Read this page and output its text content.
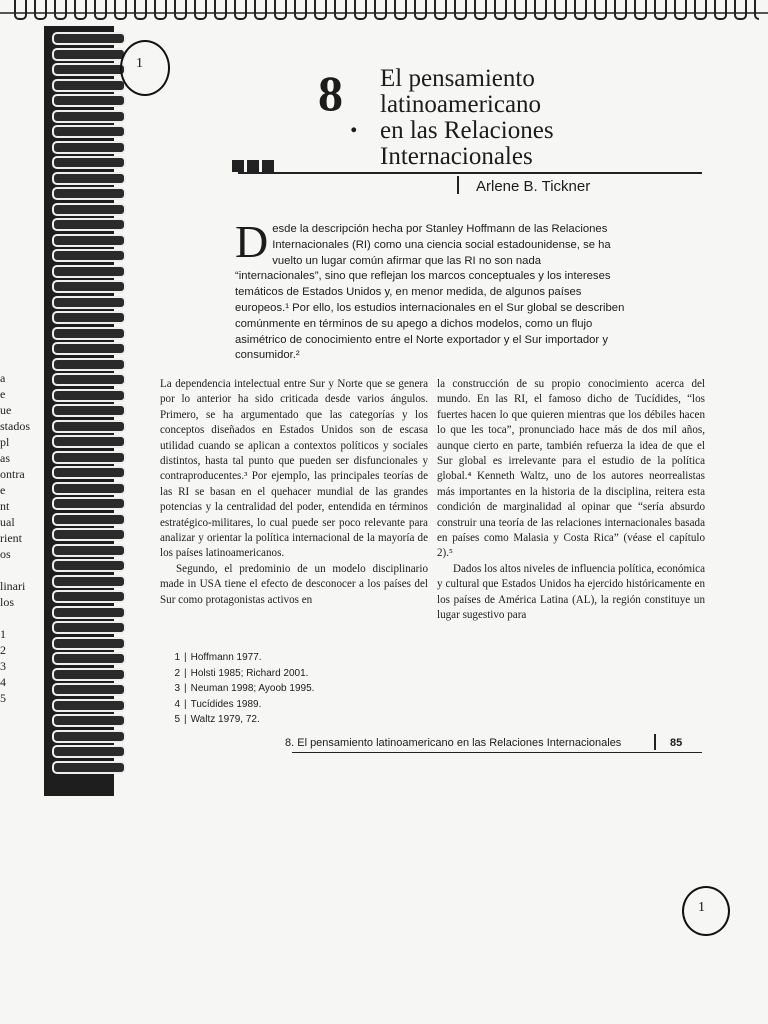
a
e
ue
stados
pl
as
ontra
e
nt
ual
rient
os

linari
los

1
2
3
4
5
1
8
.
El pensamiento
latinoamericano
en las Relaciones
Internacionales
Arlene B. Tickner
Desde la descripción hecha por Stanley Hoffmann de las Relaciones Internacionales (RI) como una ciencia social estadounidense, se ha vuelto un lugar común afirmar que las RI no son nada “internacionales”, sino que reflejan los marcos conceptuales y los intereses temáticos de Estados Unidos y, en menor medida, de algunos países europeos.¹ Por ello, los estudios internacionales en el Sur global se describen comúnmente en términos de su apego a dichos modelos, como un flujo asimétrico de conocimiento entre el Norte exportador y el Sur importador y consumidor.²

La dependencia intelectual entre Sur y Norte que se genera por lo anterior ha sido criticada desde varios ángulos. Primero, se ha argumentado que las categorías y los conceptos diseñados en Estados Unidos son de escasa utilidad cuando se aplican a contextos políticos y sociales distintos, hasta tal punto que pueden ser disfuncionales y contraproducentes.³ Por ejemplo, las principales teorías de las RI se basan en el quehacer mundial de las grandes potencias y la centralidad del poder, entendida en términos estratégico-militares, lo cual puede ser poco relevante para analizar y orientar la política internacional de la mayoría de los países latinoamericanos.

Segundo, el predominio de un modelo disciplinario made in USA tiene el efecto de desconocer a los países del Sur como protagonistas activos en

la construcción de su propio conocimiento acerca del mundo. En las RI, el famoso dicho de Tucídides, “los fuertes hacen lo que quieren mientras que los débiles hacen lo que les toca”, pronunciado hace más de dos mil años, aunque cierto en parte, también refuerza la idea de que el Sur global es irrelevante para el estudio de la política global.⁴ Kenneth Waltz, uno de los autores neorrealistas más importantes en la historia de la disciplina, reitera esta condición de marginalidad al opinar que “sería absurdo construir una teoría de las relaciones internacionales basada en países como Malasia y Costa Rica” (véase el capítulo 2).⁵

Dados los altos niveles de influencia política, económica y cultural que Estados Unidos ha ejercido históricamente en los países de América Latina (AL), la región constituye un lugar sugestivo para

1 | Hoffmann 1977.
2 | Holsti 1985; Richard 2001.
3 | Neuman 1998; Ayoob 1995.
4 | Tucídides 1989.
5 | Waltz 1979, 72.
8. El pensamiento latinoamericano en las Relaciones Internacionales	85
1
